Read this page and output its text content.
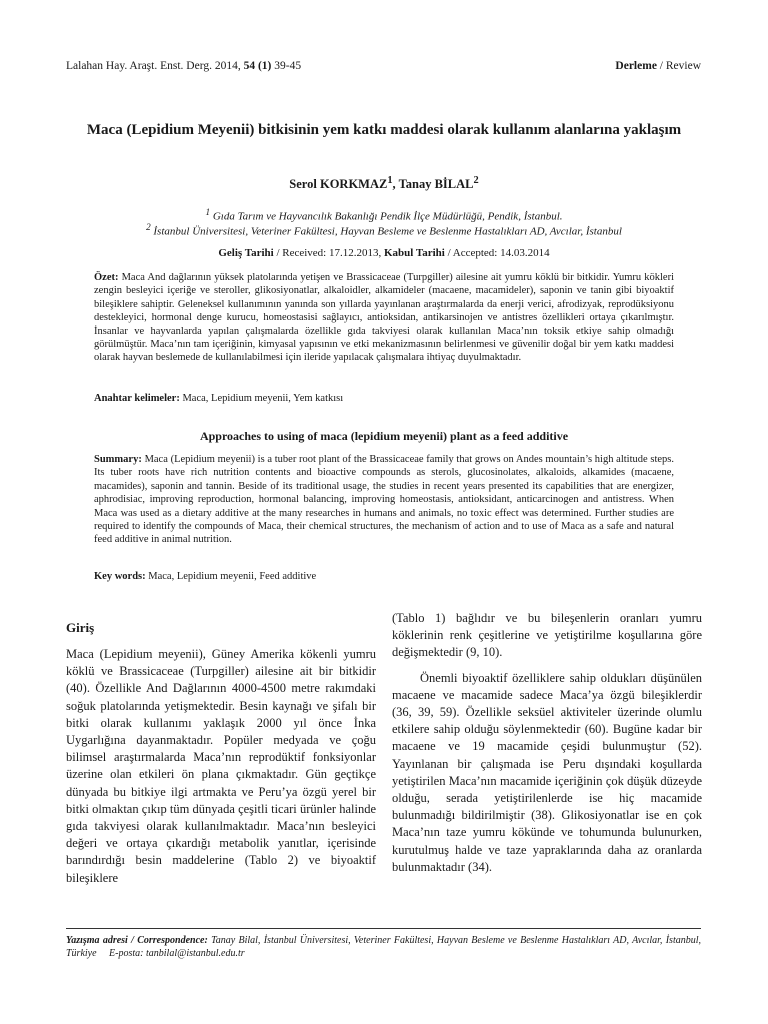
Lalahan Hay. Araşt. Enst. Derg. 2014, 54 (1) 39-45	Derleme / Review
Maca (Lepidium Meyenii) bitkisinin yem katkı maddesi olarak kullanım alanlarına yaklaşım
Serol KORKMAZ$^1$, Tanay BİLAL$^2$
$^1$ Gıda Tarım ve Hayvancılık Bakanlığı Pendik İlçe Müdürlüğü, Pendik, İstanbul.
$^2$ İstanbul Üniversitesi, Veteriner Fakültesi, Hayvan Besleme ve Beslenme Hastalıkları AD, Avcılar, İstanbul
Geliş Tarihi / Received: 17.12.2013, Kabul Tarihi / Accepted: 14.03.2014

Özet: Maca And dağlarının yüksek platolarında yetişen ve Brassicaceae (Turpgiller) ailesine ait yumru köklü bir bitkidir. Yumru kökleri zengin besleyici içeriğe ve steroller, glikosiyonatlar, alkaloidler, alkamideler (macaene, macamideler), saponin ve tanin gibi biyoaktif bileşiklere sahiptir. Geleneksel kullanımının yanında son yıllarda yayınlanan araştırmalarda da enerji verici, afrodizyak, reprodüksiyonu destekleyici, hormonal denge kurucu, homeostasisi sağlayıcı, antioksidan, antikarsinojen ve antistres özellikleri ortaya çıkarılmıştır. İnsanlar ve hayvanlarda yapılan çalışmalarda özellikle gıda takviyesi olarak kullanılan Maca’nın toksik etkiye sahip olmadığı görülmüştür. Maca’nın tam içeriğinin, kimyasal yapısının ve etki mekanizmasının belirlenmesi ve güvenilir doğal bir yem katkı maddesi olarak hayvan beslemede de kullanılabilmesi için ileride yapılacak çalışmalara ihtiyaç duyulmaktadır.

Anahtar kelimeler: Maca, Lepidium meyenii, Yem katkısı
Approaches to using of maca (lepidium meyenii) plant as a feed additive

Summary: Maca (Lepidium meyenii) is a tuber root plant of the Brassicaceae family that grows on Andes mountain’s high altitude steps. Its tuber roots have rich nutrition contents and bioactive compounds as sterols, glucosinolates, alkaloids, alkamides (macaene, macamides), saponin and tannin. Beside of its traditional usage, the studies in recent years presented its capabilities that are energizer, aphrodisiac, improving reproduction, hormonal balancing, improving homeostasis, antioksidant, anticarcinogen and antistress. When Maca was used as a dietary additive at the many researches in humans and animals, no toxic effect was determined. Further studies are required to identify the compounds of Maca, their chemical structures, the mechanism of action and to use of Maca as a safe and natural feed additive in animal nutrition.

Key words: Maca, Lepidium meyenii, Feed additive
Giriş

Maca (Lepidium meyenii), Güney Amerika kökenli yumru köklü ve Brassicaceae (Turpgiller) ailesine ait bir bitkidir (40). Özellikle And Dağlarının 4000-4500 metre rakımdaki soğuk platolarında yetişmektedir. Besin kaynağı ve şifalı bir bitki olarak kullanımı yaklaşık 2000 yıl önce İnka Uygarlığına dayanmaktadır. Popüler medyada ve çoğu bilimsel araştırmalarda Maca’nın reprodüktif fonksiyonlar üzerine olan etkileri ön plana çıkmaktadır. Gün geçtikçe dünyada bu bitkiye ilgi artmakta ve Peru’ya özgü yerel bir bitki olmaktan çıkıp tüm dünyada çeşitli ticari ürünler halinde gıda takviyesi olarak kullanılmaktadır. Maca’nın besleyici değeri ve ortaya çıkardığı metabolik yanıtlar, içerisinde barındırdığı besin maddelerine (Tablo 2) ve biyoaktif bileşiklere

(Tablo 1) bağlıdır ve bu bileşenlerin oranları yumru köklerinin renk çeşitlerine ve yetiştirilme koşullarına göre değişmektedir (9, 10).

Önemli biyoaktif özelliklere sahip oldukları düşünülen macaene ve macamide sadece Maca’ya özgü bileşiklerdir (36, 39, 59). Özellikle seksüel aktiviteler üzerinde olumlu etkilere sahip olduğu söylenmektedir (60). Bugüne kadar bir macaene ve 19 macamide çeşidi bulunmuştur (52). Yayınlanan bir çalışmada ise Peru dışındaki koşullarda yetiştirilen Maca’nın macamide içeriğinin çok düşük düzeyde olduğu, serada yetiştirilenlerde ise hiç macamide bulunmadığı bildirilmiştir (38). Glikosiyonatlar ise en çok Maca’nın taze yumru kökünde ve tohumunda bulunurken, kurutulmuş halde ve taze yapraklarında daha az oranlarda bulunmaktadır (34).

Yazışma adresi / Correspondence: Tanay Bilal, İstanbul Üniversitesi, Veteriner Fakültesi, Hayvan Besleme ve Beslenme Hastalıkları AD, Avcılar, İstanbul, Türkiye E-posta: tanbilal@istanbul.edu.tr
